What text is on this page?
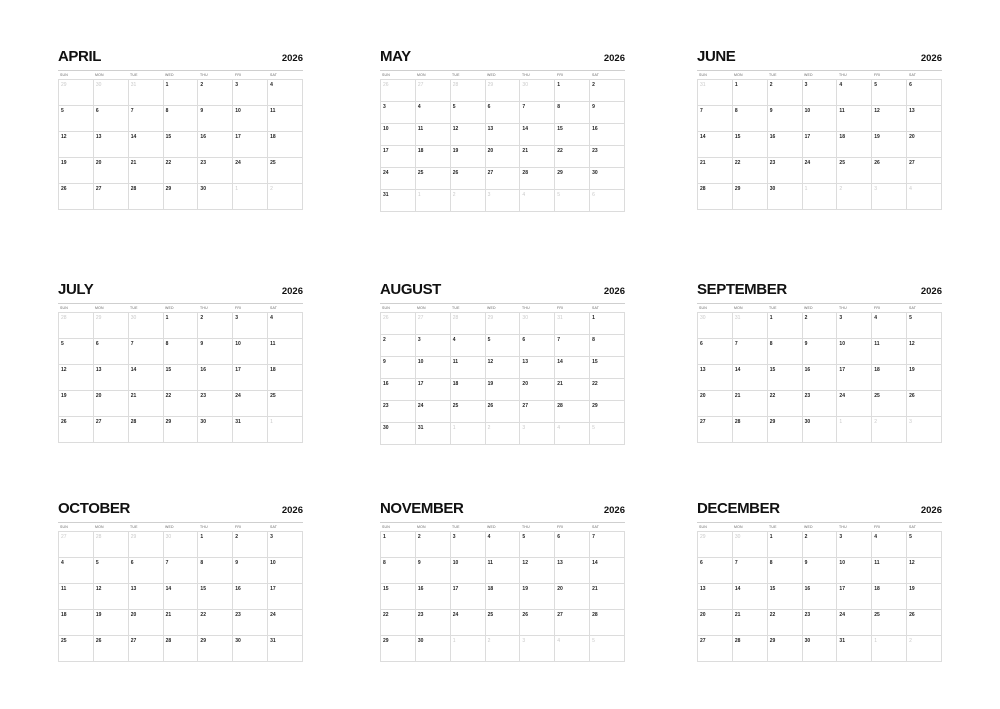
APRIL	2026
SUN	MON	TUE	WED	THU	FRI	SAT
29	30	31	1	2	3	4
5	6	7	8	9	10	11
12	13	14	15	16	17	18
19	20	21	22	23	24	25
26	27	28	29	30	1	2
MAY	2026
SUN	MON	TUE	WED	THU	FRI	SAT
26	27	28	29	30	1	2
3	4	5	6	7	8	9
10	11	12	13	14	15	16
17	18	19	20	21	22	23
24	25	26	27	28	29	30
31	1	2	3	4	5	6
JUNE	2026
SUN	MON	TUE	WED	THU	FRI	SAT
31	1	2	3	4	5	6
7	8	9	10	11	12	13
14	15	16	17	18	19	20
21	22	23	24	25	26	27
28	29	30	1	2	3	4
JULY	2026
SUN	MON	TUE	WED	THU	FRI	SAT
28	29	30	1	2	3	4
5	6	7	8	9	10	11
12	13	14	15	16	17	18
19	20	21	22	23	24	25
26	27	28	29	30	31	1
AUGUST	2026
SUN	MON	TUE	WED	THU	FRI	SAT
26	27	28	29	30	31	1
2	3	4	5	6	7	8
9	10	11	12	13	14	15
16	17	18	19	20	21	22
23	24	25	26	27	28	29
30	31	1	2	3	4	5
SEPTEMBER	2026
SUN	MON	TUE	WED	THU	FRI	SAT
30	31	1	2	3	4	5
6	7	8	9	10	11	12
13	14	15	16	17	18	19
20	21	22	23	24	25	26
27	28	29	30	1	2	3
OCTOBER	2026
SUN	MON	TUE	WED	THU	FRI	SAT
27	28	29	30	1	2	3
4	5	6	7	8	9	10
11	12	13	14	15	16	17
18	19	20	21	22	23	24
25	26	27	28	29	30	31
NOVEMBER	2026
SUN	MON	TUE	WED	THU	FRI	SAT
1	2	3	4	5	6	7
8	9	10	11	12	13	14
15	16	17	18	19	20	21
22	23	24	25	26	27	28
29	30	1	2	3	4	5
DECEMBER	2026
SUN	MON	TUE	WED	THU	FRI	SAT
29	30	1	2	3	4	5
6	7	8	9	10	11	12
13	14	15	16	17	18	19
20	21	22	23	24	25	26
27	28	29	30	31	1	2
